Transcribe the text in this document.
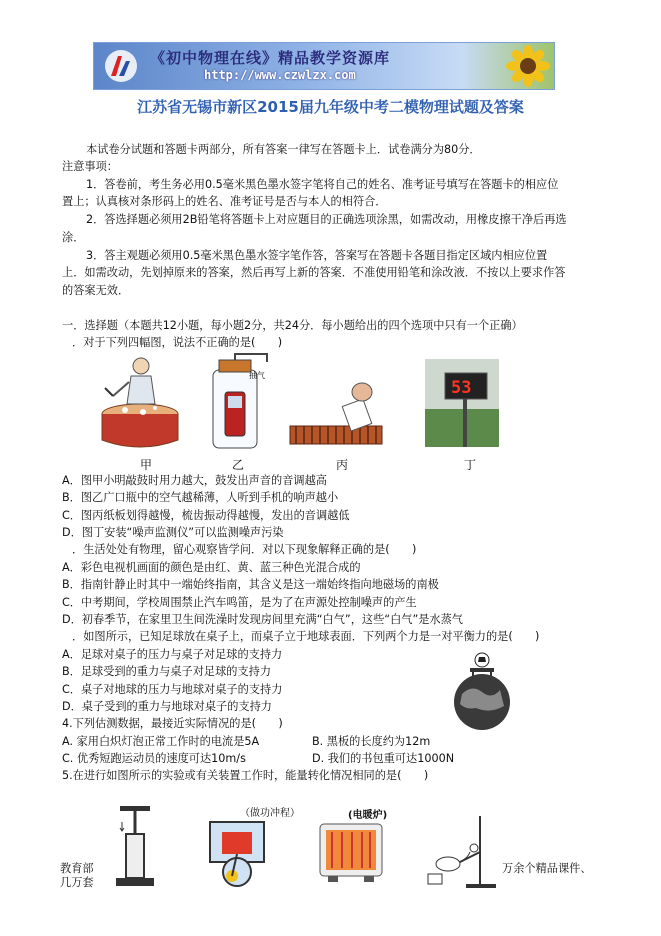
《初中物理在线》精品教学资源库
http://www.czwlzx.com
江苏省无锡市新区2015届九年级中考二模物理试题及答案
本试卷分试题和答题卡两部分，所有答案一律写在答题卡上．试卷满分为80分．
注意事项：
1．答卷前，考生务必用0.5毫米黑色墨水签字笔将自己的姓名、准考证号填写在答题卡的相应位
置上；认真核对条形码上的姓名、准考证号是否与本人的相符合．
2．答选择题必须用2B铅笔将答题卡上对应题目的正确选项涂黑，如需改动，用橡皮擦干净后再选
涂．
3．答主观题必须用0.5毫米黑色墨水签字笔作答，答案写在答题卡各题目指定区域内相应位置
上．如需改动，先划掉原来的答案，然后再写上新的答案．不准使用铅笔和涂改液．不按以上要求作答
的答案无效．
一．选择题（本题共12小题，每小题2分，共24分．每小题给出的四个选项中只有一个正确）
．对于下列四幅图，说法不正确的是(　　)
抽气
53
甲	乙	丙	丁
A．图甲小明敲鼓时用力越大，鼓发出声音的音调越高
B．图乙广口瓶中的空气越稀薄，人听到手机的响声越小
C．图丙纸板划得越慢，梳齿振动得越慢，发出的音调越低
D．图丁安装“噪声监测仪”可以监测噪声污染
．生活处处有物理，留心观察皆学问．对以下现象解释正确的是(　　)
A．彩色电视机画面的颜色是由红、黄、蓝三种色光混合成的
B．指南针静止时其中一端始终指南，其含义是这一端始终指向地磁场的南极
C．中考期间，学校周围禁止汽车鸣笛，是为了在声源处控制噪声的产生
D．初春季节，在家里卫生间洗澡时发现房间里充满“白气”，这些“白气”是水蒸气
．如图所示，已知足球放在桌子上，而桌子立于地球表面．下列两个力是一对平衡力的是(　　)
A．足球对桌子的压力与桌子对足球的支持力
B．足球受到的重力与桌子对足球的支持力
C．桌子对地球的压力与地球对桌子的支持力
D．桌子受到的重力与地球对桌子的支持力
4.下列估测数据，最接近实际情况的是(　　)
A. 家用白炽灯泡正常工作时的电流是5A	B. 黑板的长度约为12m
C. 优秀短跑运动员的速度可达10m/s	D. 我们的书包重可达1000N
5.在进行如图所示的实验或有关装置工作时，能量转化情况相同的是(　　)
（做功冲程）	(电暖炉)
教育部
几万套
万余个精品课件、
